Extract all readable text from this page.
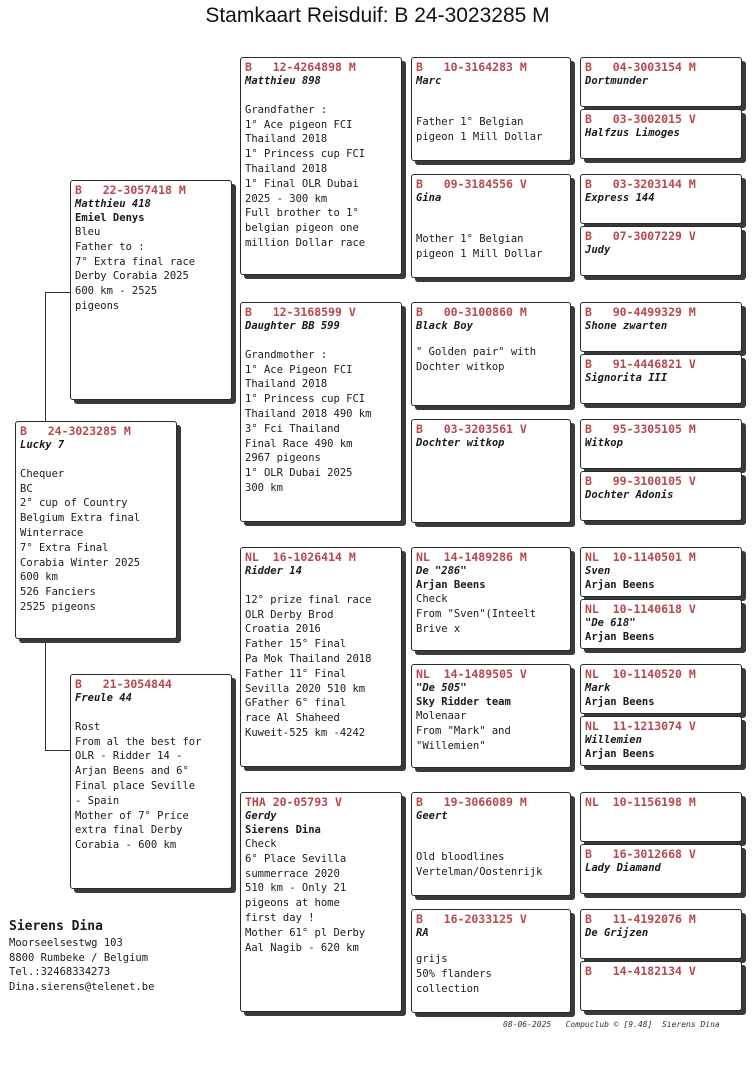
Stamkaart Reisduif: B 24-3023285 M
B   24-3023285 M
Lucky 7

Chequer
BC
2° cup of Country
Belgium Extra final
Winterrace
7° Extra Final
Corabia Winter 2025
600 km
526 Fanciers
2525 pigeons
B   22-3057418 M
Matthieu 418
Emiel Denys
Bleu
Father to :
7° Extra final race
Derby Corabia 2025
600 km - 2525
pigeons
B   21-3054844
Freule 44

Rost
From al the best for
OLR - Ridder 14 -
Arjan Beens and 6°
Final place Seville
- Spain
Mother of 7° Price
extra final Derby
Corabia - 600 km
B   12-4264898 M
Matthieu 898

Grandfather :
1° Ace pigeon FCI
Thailand 2018
1° Princess cup FCI
Thailand 2018
1° Final OLR Dubai
2025 - 300 km
Full brother to 1°
belgian pigeon one
million Dollar race
B   12-3168599 V
Daughter BB 599

Grandmother :
1° Ace Pigeon FCI
Thailand 2018
1° Princess cup FCI
Thailand 2018 490 km
3° Fci Thailand
Final Race 490 km
2967 pigeons
1° OLR Dubai 2025
300 km
NL  16-1026414 M
Ridder 14

12° prize final race
OLR Derby Brod
Croatia 2016
Father 15° Final
Pa Mok Thailand 2018
Father 11° Final
Sevilla 2020 510 km
GFather 6° final
race Al Shaheed
Kuweit-525 km -4242
THA 20-05793 V
Gerdy
Sierens Dina
Check
6° Place Sevilla
summerrace 2020
510 km - Only 21
pigeons at home
first day !
Mother 61° pl Derby
Aal Nagib - 620 km
B   10-3164283 M
Marc

Father 1° Belgian
pigeon 1 Mill Dollar
B   09-3184556 V
Gina

Mother 1° Belgian
pigeon 1 Mill Dollar
B   00-3100860 M
Black Boy
" Golden pair" with
Dochter witkop
B   03-3203561 V
Dochter witkop
NL  14-1489286 M
De "286"
Arjan Beens
Check
From "Sven"(Inteelt
Brive x
NL  14-1489505 V
"De 505"
Sky Ridder team
Molenaar
From "Mark" and
"Willemien"
B   19-3066089 M
Geert

Old bloodlines
Vertelman/Oostenrijk
B   16-2033125 V
RA
grijs
50% flanders
collection
B   04-3003154 M
Dortmunder
B   03-3002015 V
Halfzus Limoges
B   03-3203144 M
Express 144
B   07-3007229 V
Judy
B   90-4499329 M
Shone zwarten
B   91-4446821 V
Signorita III
B   95-3305105 M
Witkop
B   99-3100105 V
Dochter Adonis
NL  10-1140501 M
Sven
Arjan Beens
NL  10-1140618 V
"De 618"
Arjan Beens
NL  10-1140520 M
Mark
Arjan Beens
NL  11-1213074 V
Willemien
Arjan Beens
NL  10-1156198 M
B   16-3012668 V
Lady Diamand
B   11-4192076 M
De Grijzen
B   14-4182134 V
Sierens Dina
Moorseelsestwg 103
8800 Rumbeke / Belgium
Tel.:32468334273
Dina.sierens@telenet.be
08-06-2025   Compuclub © [9.48]  Sierens Dina
